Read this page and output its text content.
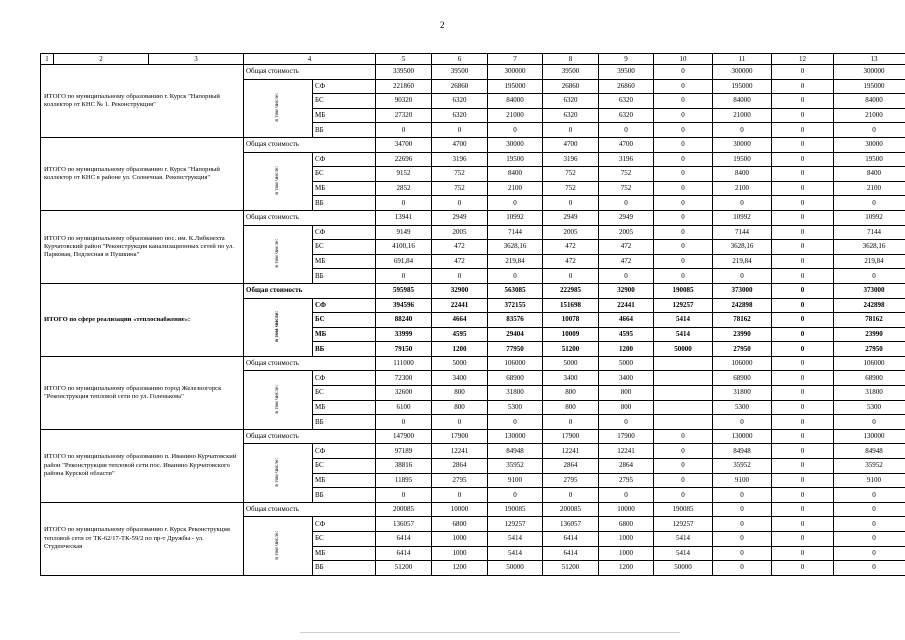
2
1	2	3	4		5	6	7	8	9	10	11	12	13
ИТОГО по муниципальному образованию г. Курск "Напорный коллектор от КНС № 1. Реконструкция"			Общая стоимость		339500	39500	300000	39500	39500	0	300000	0	300000
			в том числе:	СФ	221860	26860	195000	26860	26860	0	195000	0	195000
				БС	90320	6320	84000	6320	6320	0	84000	0	84000
				МБ	27320	6320	21000	6320	6320	0	21000	0	21000
				ВБ	0	0	0	0	0	0	0	0	0
ИТОГО по муниципальному образованию г. Курск "Напорный коллектор от КНС в районе ул. Солнечная. Реконструкция"			Общая стоимость		34700	4700	30000	4700	4700	0	30000	0	30000
			в том числе:	СФ	22696	3196	19500	3196	3196	0	19500	0	19500
				БС	9152	752	8400	752	752	0	8400	0	8400
				МБ	2852	752	2100	752	752	0	2100	0	2100
				ВБ	0	0	0	0	0	0	0	0	0
ИТОГО по муниципальному образованию пос. им. К.Либкнехта Курчатовский район "Реконструкция канализационных сетей по ул. Парковая, Подлесная и Пушкина"			Общая стоимость		13941	2949	10992	2949	2949	0	10992	0	10992
			в том числе:	СФ	9149	2005	7144	2005	2005	0	7144	0	7144
				БС	4100,16	472	3628,16	472	472	0	3628,16	0	3628,16
				МБ	691,84	472	219,84	472	472	0	219,84	0	219,84
				ВБ	0	0	0	0	0	0	0	0	0
ИТОГО по сфере реализации «теплоснабжение»:			Общая стоимость		595985	32900	563085	222985	32900	190085	373000	0	373000
			в том числе:	СФ	394596	22441	372155	151698	22441	129257	242898	0	242898
				БС	88240	4664	83576	10078	4664	5414	78162	0	78162
				МБ	33999	4595	29404	10009	4595	5414	23990	0	23990
				ВБ	79150	1200	77950	51200	1200	50000	27950	0	27950
ИТОГО по муниципальному образованию город Железногорск "Реконструкция тепловой сети по ул. Голенькова"			Общая стоимость		111000	5000	106000	5000	5000		106000	0	106000
			в том числе:	СФ	72300	3400	68900	3400	3400		68900	0	68900
				БС	32600	800	31800	800	800		31800	0	31800
				МБ	6100	800	5300	800	800		5300	0	5300
				ВБ	0	0	0	0	0		0	0	0
ИТОГО по муниципальному образованию п. Иванино Курчатовский район "Реконструкция тепловой сети пос. Иванино Курчатовского района Курской области"			Общая стоимость		147900	17900	130000	17900	17900	0	130000	0	130000
			в том числе:	СФ	97189	12241	84948	12241	12241	0	84948	0	84948
				БС	38816	2864	35952	2864	2864	0	35952	0	35952
				МБ	11895	2795	9100	2795	2795	0	9100	0	9100
				ВБ	0	0	0	0	0	0	0	0	0
ИТОГО по муниципальному образованию г. Курск Реконструкция тепловой сети от ТК-62/17-ТК-59/2 по пр-т Дружбы - ул. Студенческая			Общая стоимость		200085	10000	190085	200085	10000	190085	0	0	0
			в том числе:	СФ	136057	6800	129257	136057	6800	129257	0	0	0
				БС	6414	1000	5414	6414	1000	5414	0	0	0
				МБ	6414	1000	5414	6414	1000	5414	0	0	0
				ВБ	51200	1200	50000	51200	1200	50000	0	0	0
